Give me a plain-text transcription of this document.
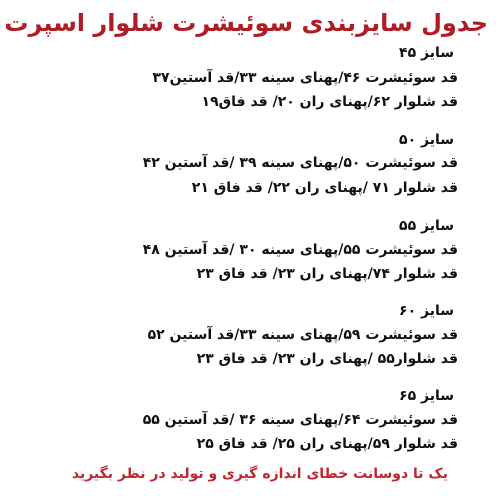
جدول سایزبندی سوئیشرت شلوار اسپرت
سایز ۴۵
قد سوئیشرت ۴۶/پهنای سینه ۳۳/قد آستین۳۷
قد شلوار ۶۲/پهنای ران ۲۰/ قد فاق۱۹
سایز ۵۰
قد سوئیشرت ۵۰/پهنای سینه ۳۹ /قد آستین ۴۲
قد شلوار ۷۱ /پهنای ران ۲۲/ قد فاق ۲۱
سایز ۵۵
قد سوئیشرت ۵۵/پهنای سینه ۳۰ /قد آستین ۴۸
قد شلوار ۷۴/پهنای ران ۲۳/ قد فاق ۲۳
سایز ۶۰
قد سوئیشرت ۵۹/پهنای سینه ۳۳/قد آستین ۵۲
قد شلوار۵۵ /پهنای ران ۲۳/ قد فاق ۲۳
سایز ۶۵
قد سوئیشرت ۶۴/پهنای سینه ۳۶ /قد آستین ۵۵
قد شلوار ۵۹/پهنای ران ۲۵/ قد فاق ۲۵
یک تا دوسانت خطای اندازه گیری و تولید در نظر بگیرید
